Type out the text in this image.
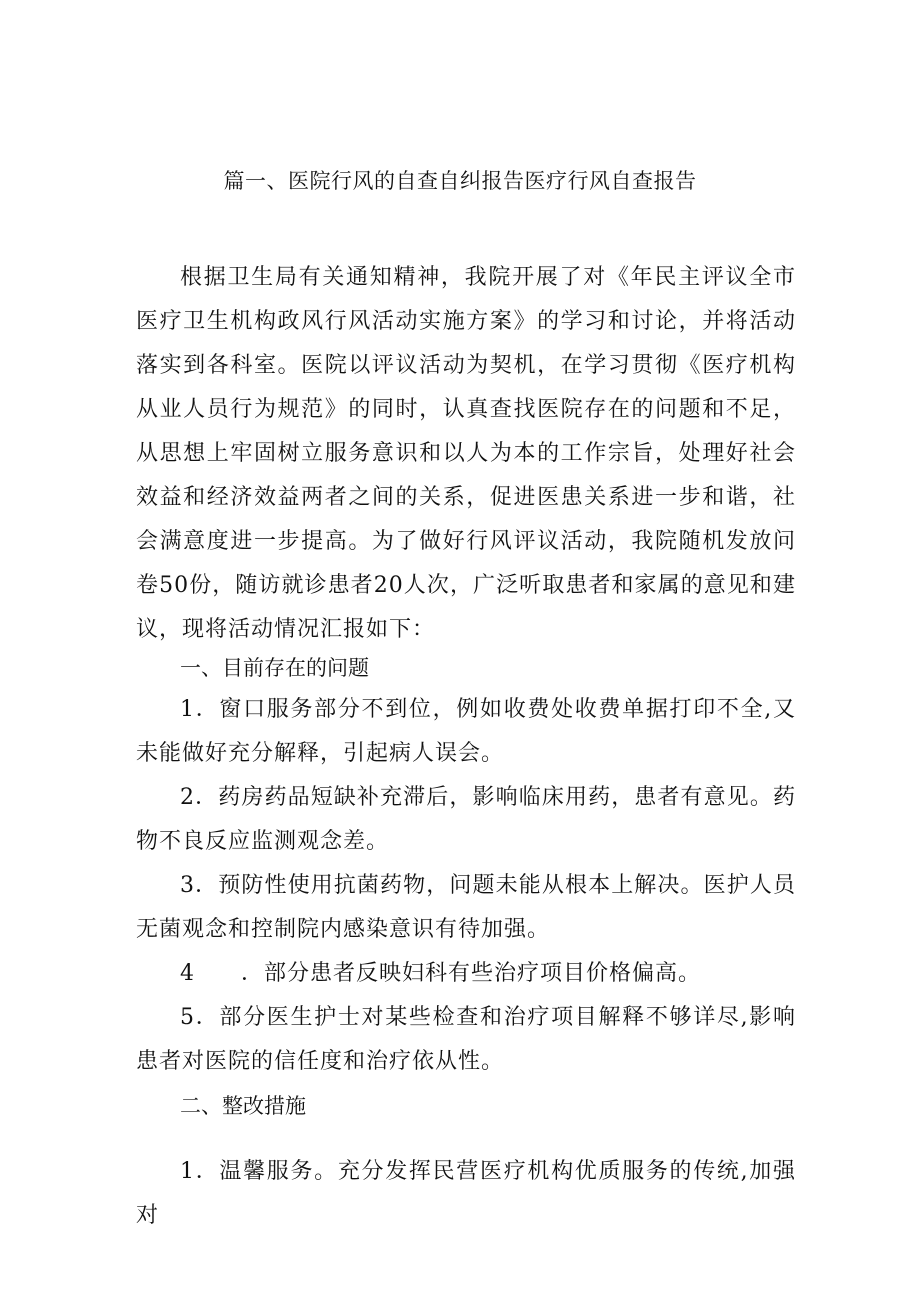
篇一、医院行风的自查自纠报告医疗行风自查报告

根据卫生局有关通知精神，我院开展了对《年民主评议全市医疗卫生机构政风行风活动实施方案》的学习和讨论，并将活动落实到各科室。医院以评议活动为契机，在学习贯彻《医疗机构从业人员行为规范》的同时，认真查找医院存在的问题和不足，从思想上牢固树立服务意识和以人为本的工作宗旨，处理好社会效益和经济效益两者之间的关系，促进医患关系进一步和谐，社会满意度进一步提高。为了做好行风评议活动，我院随机发放问卷50份，随访就诊患者20人次，广泛听取患者和家属的意见和建议，现将活动情况汇报如下：

一、目前存在的问题

1．窗口服务部分不到位，例如收费处收费单据打印不全,又未能做好充分解释，引起病人误会。

2．药房药品短缺补充滞后，影响临床用药，患者有意见。药物不良反应监测观念差。

3．预防性使用抗菌药物，问题未能从根本上解决。医护人员无菌观念和控制院内感染意识有待加强。

4　　．部分患者反映妇科有些治疗项目价格偏高。

5．部分医生护士对某些检查和治疗项目解释不够详尽,影响患者对医院的信任度和治疗依从性。

二、整改措施

1．温馨服务。充分发挥民营医疗机构优质服务的传统,加强对
